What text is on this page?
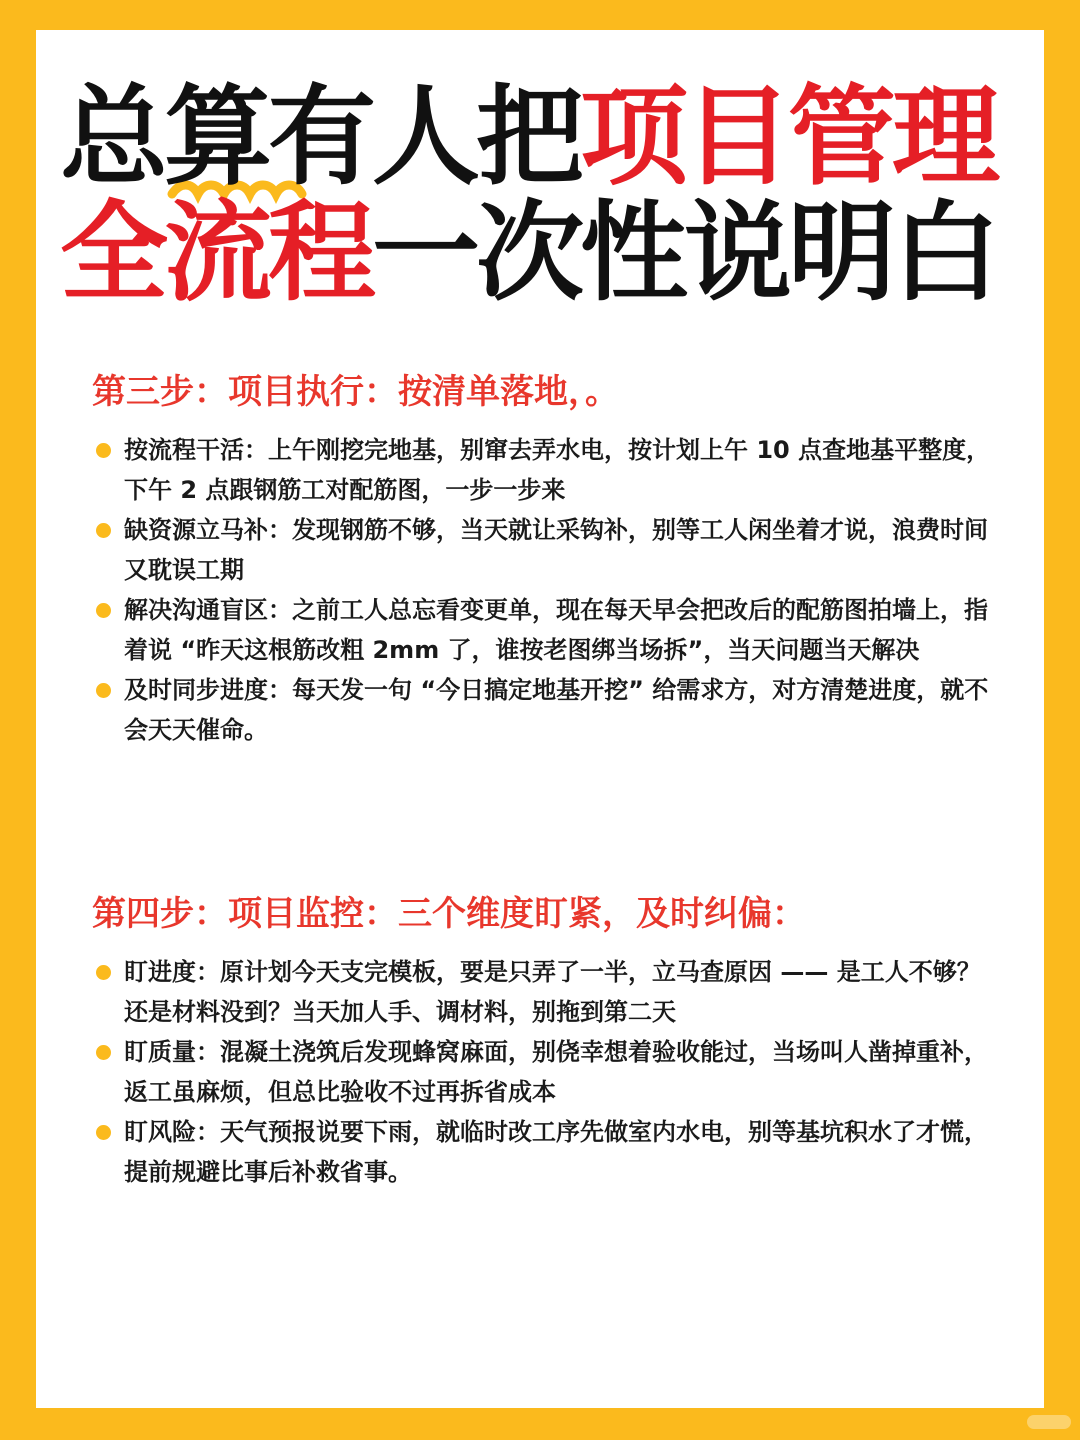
总算有人把项目管理
全流程一次性说明白
第三步：项目执行：按清单落地，。
按流程干活：上午刚挖完地基，别窜去弄水电，按计划上午 10 点查地基平整度，下午 2 点跟钢筋工对配筋图，一步一步来
缺资源立马补：发现钢筋不够，当天就让采钩补，别等工人闲坐着才说，浪费时间又耽误工期
解决沟通盲区：之前工人总忘看变更单，现在每天早会把改后的配筋图拍墙上，指着说 “昨天这根筋改粗 2mm 了，谁按老图绑当场拆”，当天问题当天解决
及时同步进度：每天发一句 “今日搞定地基开挖” 给需求方，对方清楚进度，就不会天天催命。
第四步：项目监控：三个维度盯紧，及时纠偏：
盯进度：原计划今天支完模板，要是只弄了一半，立马查原因 —— 是工人不够？还是材料没到？当天加人手、调材料，别拖到第二天
盯质量：混凝土浇筑后发现蜂窝麻面，别侥幸想着验收能过，当场叫人凿掉重补，返工虽麻烦，但总比验收不过再拆省成本
盯风险：天气预报说要下雨，就临时改工序先做室内水电，别等基坑积水了才慌，提前规避比事后补救省事。
